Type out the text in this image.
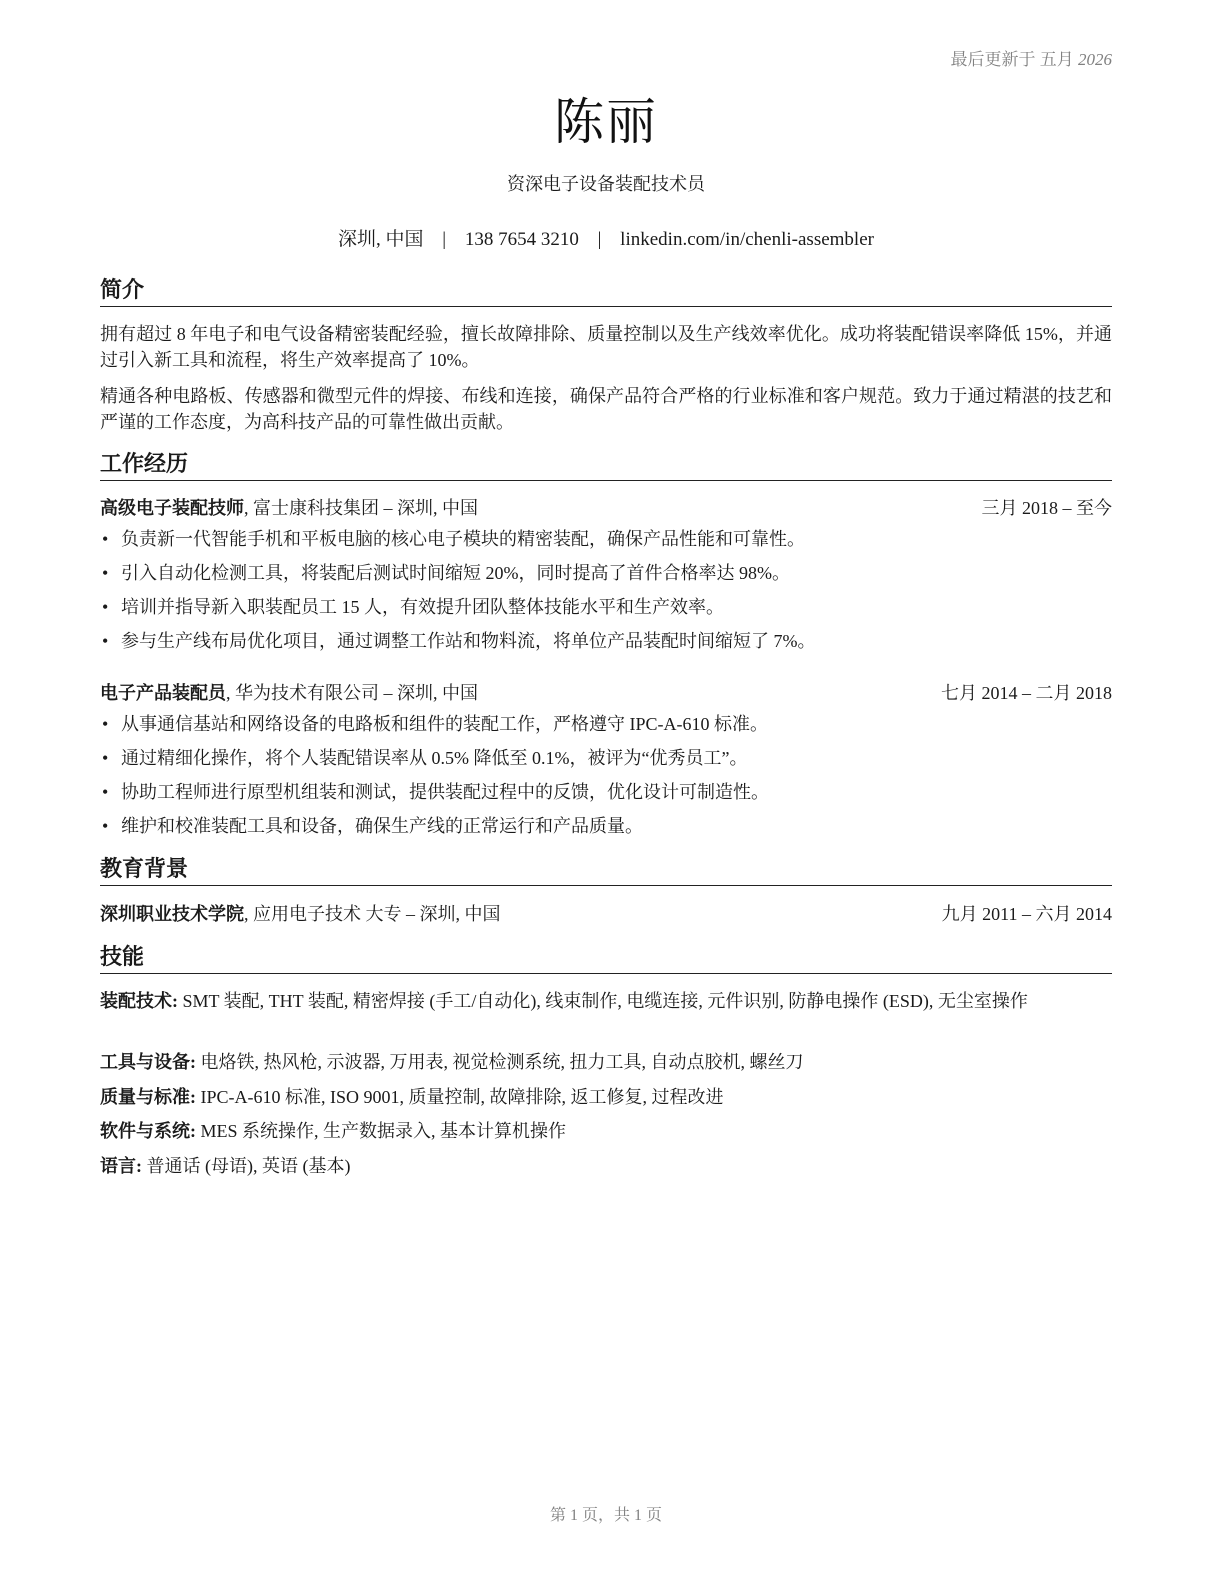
最后更新于 五月 2026
陈丽
资深电子设备装配技术员
深圳, 中国 | 138 7654 3210 | linkedin.com/in/chenli-assembler
简介
拥有超过 8 年电子和电气设备精密装配经验，擅长故障排除、质量控制以及生产线效率优化。成功将装配错误率降低 15%，并通过引入新工具和流程，将生产效率提高了 10%。
精通各种电路板、传感器和微型元件的焊接、布线和连接，确保产品符合严格的行业标准和客户规范。致力于通过精湛的技艺和严谨的工作态度，为高科技产品的可靠性做出贡献。
工作经历
高级电子装配技师, 富士康科技集团 – 深圳, 中国	三月 2018 – 至今
• 负责新一代智能手机和平板电脑的核心电子模块的精密装配，确保产品性能和可靠性。
• 引入自动化检测工具，将装配后测试时间缩短 20%，同时提高了首件合格率达 98%。
• 培训并指导新入职装配员工 15 人，有效提升团队整体技能水平和生产效率。
• 参与生产线布局优化项目，通过调整工作站和物料流，将单位产品装配时间缩短了 7%。
电子产品装配员, 华为技术有限公司 – 深圳, 中国	七月 2014 – 二月 2018
• 从事通信基站和网络设备的电路板和组件的装配工作，严格遵守 IPC-A-610 标准。
• 通过精细化操作，将个人装配错误率从 0.5% 降低至 0.1%，被评为“优秀员工”。
• 协助工程师进行原型机组装和测试，提供装配过程中的反馈，优化设计可制造性。
• 维护和校准装配工具和设备，确保生产线的正常运行和产品质量。
教育背景
深圳职业技术学院, 应用电子技术 大专 – 深圳, 中国	九月 2011 – 六月 2014
技能
装配技术: SMT 装配, THT 装配, 精密焊接 (手工/自动化), 线束制作, 电缆连接, 元件识别, 防静电操作 (ESD), 无尘室操作
工具与设备: 电烙铁, 热风枪, 示波器, 万用表, 视觉检测系统, 扭力工具, 自动点胶机, 螺丝刀
质量与标准: IPC-A-610 标准, ISO 9001, 质量控制, 故障排除, 返工修复, 过程改进
软件与系统: MES 系统操作, 生产数据录入, 基本计算机操作
语言: 普通话 (母语), 英语 (基本)
第 1 页，共 1 页
